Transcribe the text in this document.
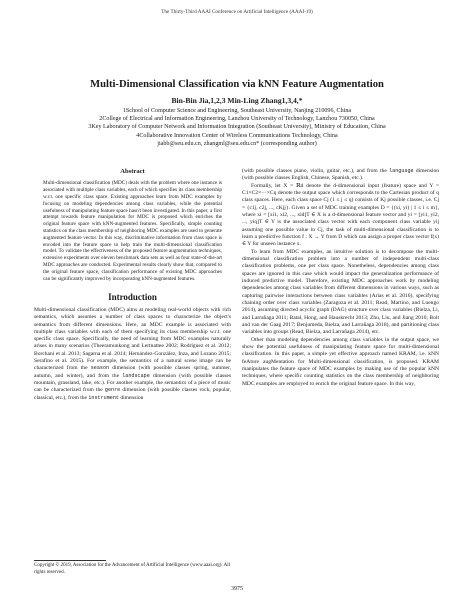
The Thirty-Third AAAI Conference on Artificial Intelligence (AAAI-19)
Multi-Dimensional Classification via kNN Feature Augmentation
Bin-Bin Jia,1,2,3 Min-Ling Zhang1,3,4,*
1School of Computer Science and Engineering, Southeast University, Nanjing 210096, China
2College of Electrical and Information Engineering, Lanzhou University of Technology, Lanzhou 730050, China
3Key Laboratory of Computer Network and Information Integration (Southeast University), Ministry of Education, China
4Collaborative Innovation Center of Wireless Communications Technology, China
jiabb@seu.edu.cn, zhangml@seu.edu.cn* (corresponding author)
Abstract

Multi-dimensional classification (MDC) deals with the problem where one instance is associated with multiple class variables, each of which specifies its class membership w.r.t. one specific class space. Existing approaches learn from MDC examples by focusing on modeling dependencies among class variables, while the potential usefulness of manipulating feature space hasn't been investigated. In this paper, a first attempt towards feature manipulation for MDC is proposed which enriches the original feature space with kNN-augmented features. Specifically, simple counting statistics on the class membership of neighboring MDC examples are used to generate augmented feature vector. In this way, discriminative information from class space is encoded into the feature space to help train the multi-dimensional classification model. To validate the effectiveness of the proposed feature augmentation techniques, extensive experiments over eleven benchmark data sets as well as four state-of-the-art MDC approaches are conducted. Experimental results clearly show that, compared to the original feature space, classification performance of existing MDC approaches can be significantly improved by incorporating kNN-augmented features.

Introduction

Multi-dimensional classification (MDC) aims at modeling real-world objects with rich semantics, which assumes a number of class spaces to characterize the object's semantics from different dimensions. Here, an MDC example is associated with multiple class variables with each of them specifying its class membership w.r.t. one specific class space. Specifically, the need of learning from MDC examples naturally arises in many scenarios (Theeramunkong and Lertnattee 2002; Rodríguez et al. 2012; Borchani et al. 2013; Sagarna et al. 2014; Hernández-González, Inza, and Lozano 2015; Serafino et al. 2015). For example, the semantics of a natural scene image can be characterized from the season dimension (with possible classes spring, summer, autumn, and winter), and from the landscape dimension (with possible classes mountain, grassland, lake, etc.). For another example, the semantics of a piece of music can be characterized from the genre dimension (with possible classes rock, popular, classical, etc.), from the instrument dimension

(with possible classes piano, violin, guitar, etc.), and from the language dimension (with possible classes English, Chinese, Spanish, etc.).

Formally, let X = ℝd denote the d-dimensional input (feature) space and Y = C1×C2×···×Cq denote the output space which corresponds to the Cartesian product of q class spaces. Here, each class space Cj (1 ≤ j ≤ q) consists of Kj possible classes, i.e. Cj = {c1j, c2j, ..., cKjj}. Given a set of MDC training examples D = {(xi, yi) | 1 ≤ i ≤ m}, where xi = [xi1, xi2, ..., xid]T ∈ X is a d-dimensional feature vector and yi = [yi1, yi2, ..., yiq]T ∈ Y is the associated class vector with each component class variable yij assuming one possible value in Cj, the task of multi-dimensional classification is to learn a predictive function f : X → Y from D which can assign a proper class vector f(x) ∈ Y for unseen instance x.

To learn from MDC examples, an intuitive solution is to decompose the multi-dimensional classification problem into a number of independent multi-class classification problems, one per class space. Nonetheless, dependencies among class spaces are ignored in this case which would impact the generalization performance of induced predictive model. Therefore, existing MDC approaches work by modeling dependencies among class variables from different dimensions in various ways, such as capturing pairwise interactions between class variables (Arias et al. 2016), specifying chaining order over class variables (Zaragoza et al. 2011; Read, Martino, and Luengo 2014), assuming directed acyclic graph (DAG) structure over class variables (Bielza, Li, and Larrañaga 2011; Batal, Hong, and Hauskrecht 2013; Zhu, Liu, and Jiang 2016; Bolt and van der Gaag 2017; Benjumeda, Bielza, and Larrañaga 2018), and partitioning class variables into groups (Read, Bielza, and Larrañaga 2014), etc.

Other than modeling dependencies among class variables in the output space, we show the potential usefulness of manipulating feature space for multi-dimensional classification. In this paper, a simple yet effective approach named KRAM, i.e. kNN feAture augMentation for Multi-dimensional classification, is proposed. KRAM manipulates the feature space of MDC examples by making use of the popular kNN techniques, where specific counting statistics on the class membership of neighboring MDC examples are employed to enrich the original feature space. In this way,

Copyright © 2019, Association for the Advancement of Artificial Intelligence (www.aaai.org). All rights reserved.
3975
